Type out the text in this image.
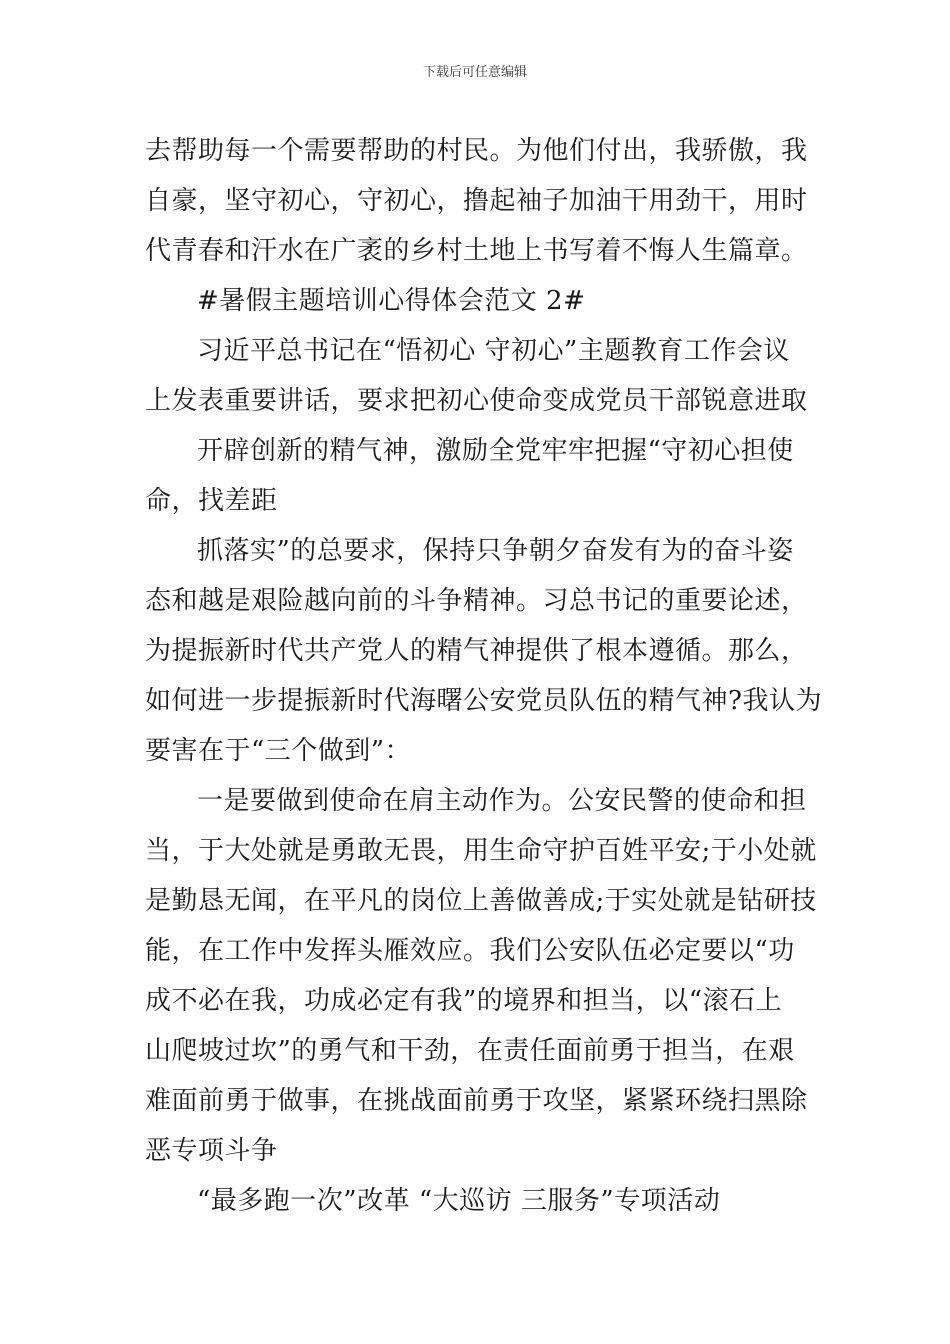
下载后可任意编辑
去帮助每一个需要帮助的村民。为他们付出，我骄傲，我
自豪，坚守初心，守初心，撸起袖子加油干用劲干，用时
代青春和汗水在广袤的乡村土地上书写着不悔人生篇章。
#暑假主题培训心得体会范文 2#
习近平总书记在“悟初心 守初心”主题教育工作会议
上发表重要讲话，要求把初心使命变成党员干部锐意进取
开辟创新的精气神，激励全党牢牢把握“守初心担使
命，找差距
抓落实”的总要求，保持只争朝夕奋发有为的奋斗姿
态和越是艰险越向前的斗争精神。习总书记的重要论述，
为提振新时代共产党人的精气神提供了根本遵循。那么，
如何进一步提振新时代海曙公安党员队伍的精气神?我认为
要害在于“三个做到”：
一是要做到使命在肩主动作为。公安民警的使命和担
当，于大处就是勇敢无畏，用生命守护百姓平安;于小处就
是勤恳无闻，在平凡的岗位上善做善成;于实处就是钻研技
能，在工作中发挥头雁效应。我们公安队伍必定要以“功
成不必在我，功成必定有我”的境界和担当，以“滚石上
山爬坡过坎”的勇气和干劲，在责任面前勇于担当，在艰
难面前勇于做事，在挑战面前勇于攻坚，紧紧环绕扫黑除
恶专项斗争
“最多跑一次”改革 “大巡访 三服务”专项活动
